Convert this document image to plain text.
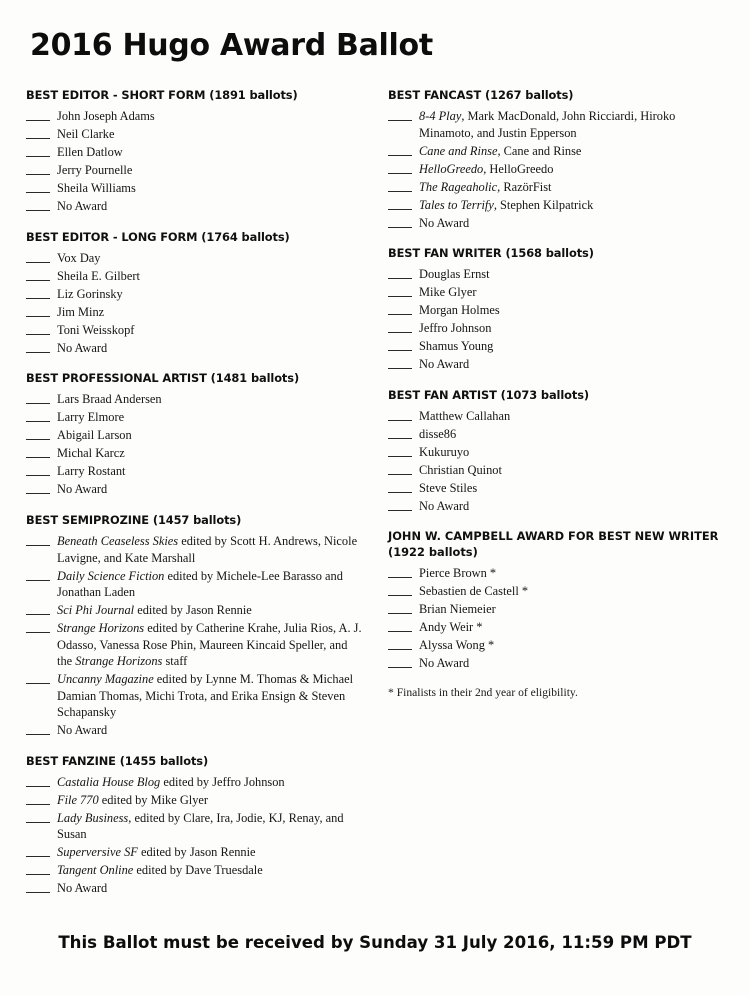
2016 Hugo Award Ballot
BEST EDITOR - SHORT FORM (1891 ballots)
John Joseph Adams
Neil Clarke
Ellen Datlow
Jerry Pournelle
Sheila Williams
No Award
BEST EDITOR - LONG FORM (1764 ballots)
Vox Day
Sheila E. Gilbert
Liz Gorinsky
Jim Minz
Toni Weisskopf
No Award
BEST PROFESSIONAL ARTIST (1481 ballots)
Lars Braad Andersen
Larry Elmore
Abigail Larson
Michal Karcz
Larry Rostant
No Award
BEST SEMIPROZINE (1457 ballots)
Beneath Ceaseless Skies edited by Scott H. Andrews, Nicole Lavigne, and Kate Marshall
Daily Science Fiction edited by Michele-Lee Barasso and Jonathan Laden
Sci Phi Journal edited by Jason Rennie
Strange Horizons edited by Catherine Krahe, Julia Rios, A. J. Odasso, Vanessa Rose Phin, Maureen Kincaid Speller, and the Strange Horizons staff
Uncanny Magazine edited by Lynne M. Thomas & Michael Damian Thomas, Michi Trota, and Erika Ensign & Steven Schapansky
No Award
BEST FANZINE (1455 ballots)
Castalia House Blog edited by Jeffro Johnson
File 770 edited by Mike Glyer
Lady Business, edited by Clare, Ira, Jodie, KJ, Renay, and Susan
Superversive SF edited by Jason Rennie
Tangent Online edited by Dave Truesdale
No Award
BEST FANCAST (1267 ballots)
8-4 Play, Mark MacDonald, John Ricciardi, Hiroko Minamoto, and Justin Epperson
Cane and Rinse, Cane and Rinse
HelloGreedo, HelloGreedo
The Rageaholic, RazörFist
Tales to Terrify, Stephen Kilpatrick
No Award
BEST FAN WRITER (1568 ballots)
Douglas Ernst
Mike Glyer
Morgan Holmes
Jeffro Johnson
Shamus Young
No Award
BEST FAN ARTIST (1073 ballots)
Matthew Callahan
disse86
Kukuruyo
Christian Quinot
Steve Stiles
No Award
JOHN W. CAMPBELL AWARD FOR BEST NEW WRITER (1922 ballots)
Pierce Brown *
Sebastien de Castell *
Brian Niemeier
Andy Weir *
Alyssa Wong *
No Award
* Finalists in their 2nd year of eligibility.
This Ballot must be received by Sunday 31 July 2016, 11:59 PM PDT
